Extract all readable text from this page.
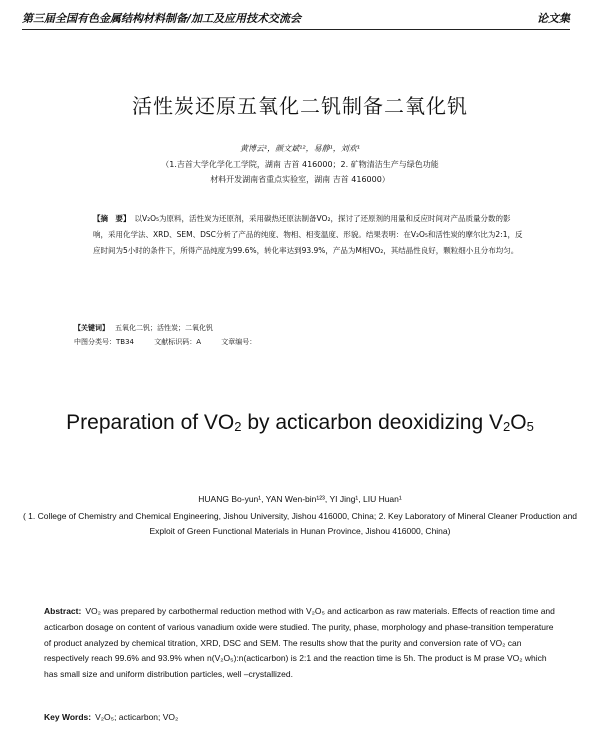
第三届全国有色金属结构材料制备/加工及应用技术交流会	论文集
活性炭还原五氧化二钒制备二氧化钒
黄博云¹，颜文斌¹²，易静¹，刘欢¹
（1.吉首大学化学化工学院，湖南 吉首 416000；2. 矿物清洁生产与绿色功能
材料开发湖南省重点实验室，湖南 吉首 416000）
【摘　要】 以V₂O₅为原料，活性炭为还原剂，采用碳热还原法制备VO₂，探讨了还原剂的用量和反应时间对产品质量分数的影响，采用化学法、XRD、SEM、DSC分析了产品的纯度、物相、相变温度、形貌。结果表明：在V₂O₅和活性炭的摩尔比为2:1，反应时间为5小时的条件下，所得产品纯度为99.6%，转化率达到93.9%，产品为M相VO₂，其结晶性良好，颗粒细小且分布均匀。
【关键词】 五氧化二钒；活性炭；二氧化钒
中图分类号：TB34	文献标识码：A	文章编号：
Preparation of $VO_2$ by acticarbon deoxidizing $V_2O_5$
HUANG Bo-yun¹, YAN Wen-bin¹²³, YI Jing¹, LIU Huan¹
( 1. College of Chemistry and Chemical Engineering, Jishou University, Jishou 416000, China; 2. Key Laboratory of Mineral Cleaner Production and Exploit of Green Functional Materials in Hunan Province, Jishou 416000, China)
Abstract: VO₂ was prepared by carbothermal reduction method with V₂O₅ and acticarbon as raw materials. Effects of reaction time and acticarbon dosage on content of various vanadium oxide were studied. The purity, phase, morphology and phase-transition temperature of product analyzed by chemical titration, XRD, DSC and SEM. The results show that the purity and conversion rate of VO₂ can respectively reach 99.6% and 93.9% when n(V₂O₅):n(acticarbon) is 2:1 and the reaction time is 5h. The product is M prase VO₂ which has small size and uniform distribution particles, well –crystallized.
Key Words: V₂O₅; acticarbon; VO₂
